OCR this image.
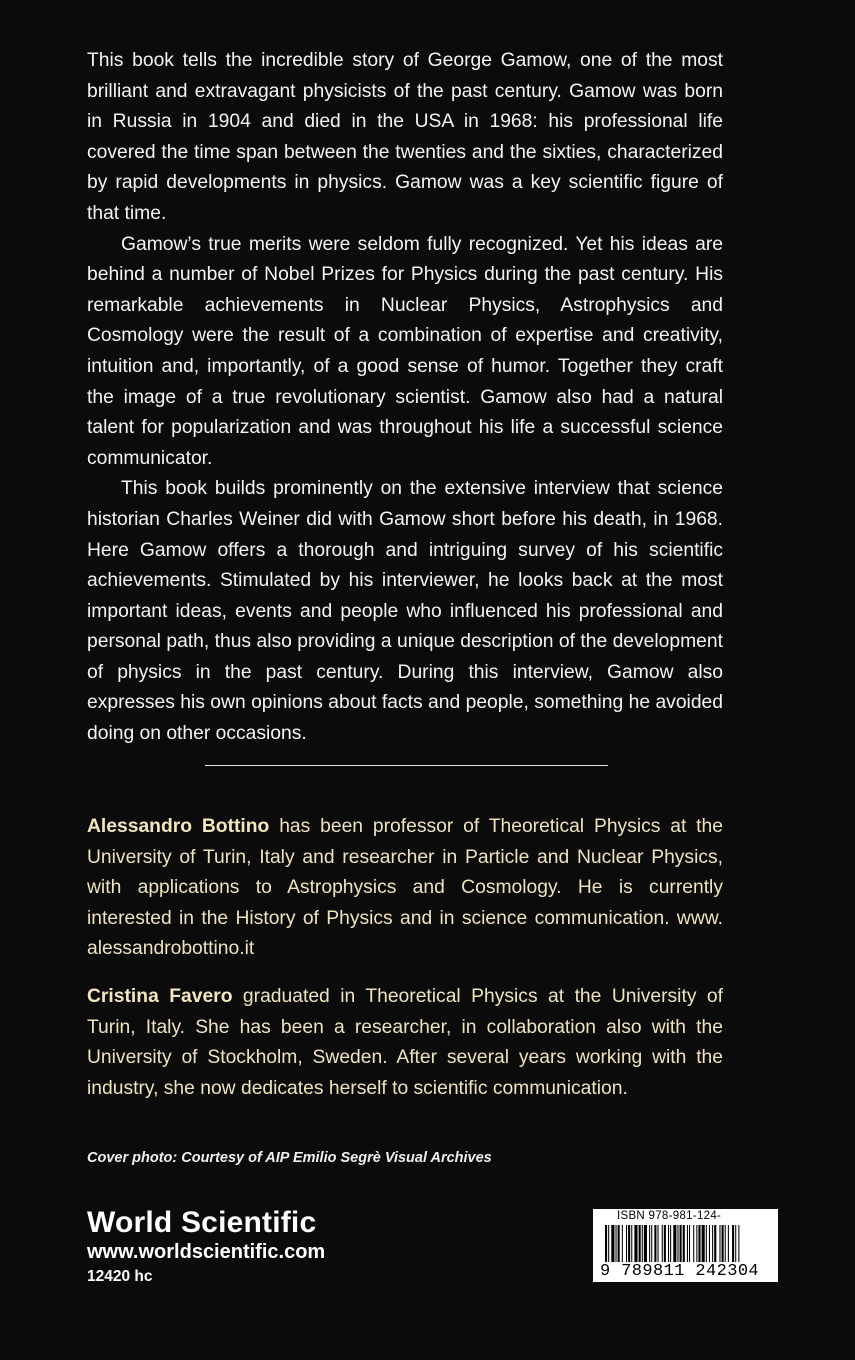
This book tells the incredible story of George Gamow, one of the most brilliant and extravagant physicists of the past century. Gamow was born in Russia in 1904 and died in the USA in 1968: his professional life covered the time span between the twenties and the sixties, characterized by rapid developments in physics. Gamow was a key scientific figure of that time.

Gamow’s true merits were seldom fully recognized. Yet his ideas are behind a number of Nobel Prizes for Physics during the past century. His remarkable achievements in Nuclear Physics, Astrophysics and Cosmology were the result of a combination of expertise and creativity, intuition and, importantly, of a good sense of humor. Together they craft the image of a true revolutionary scientist. Gamow also had a natural talent for popularization and was throughout his life a successful science communicator.

This book builds prominently on the extensive interview that science historian Charles Weiner did with Gamow short before his death, in 1968. Here Gamow offers a thorough and intriguing survey of his scientific achievements. Stimulated by his interviewer, he looks back at the most important ideas, events and people who influenced his professional and personal path, thus also providing a unique description of the development of physics in the past century. During this interview, Gamow also expresses his own opinions about facts and people, something he avoided doing on other occasions.

Alessandro Bottino has been professor of Theoretical Physics at the University of Turin, Italy and researcher in Particle and Nuclear Physics, with applications to Astrophysics and Cosmology. He is currently interested in the History of Physics and in science communication. www. alessandrobottino.it

Cristina Favero graduated in Theoretical Physics at the University of Turin, Italy. She has been a researcher, in collaboration also with the University of Stockholm, Sweden. After several years working with the industry, she now dedicates herself to scientific communication.

Cover photo: Courtesy of AIP Emilio Segrè Visual Archives
World Scientific
www.worldscientific.com
12420 hc
ISBN 978-981-124-
9 789811 242304
